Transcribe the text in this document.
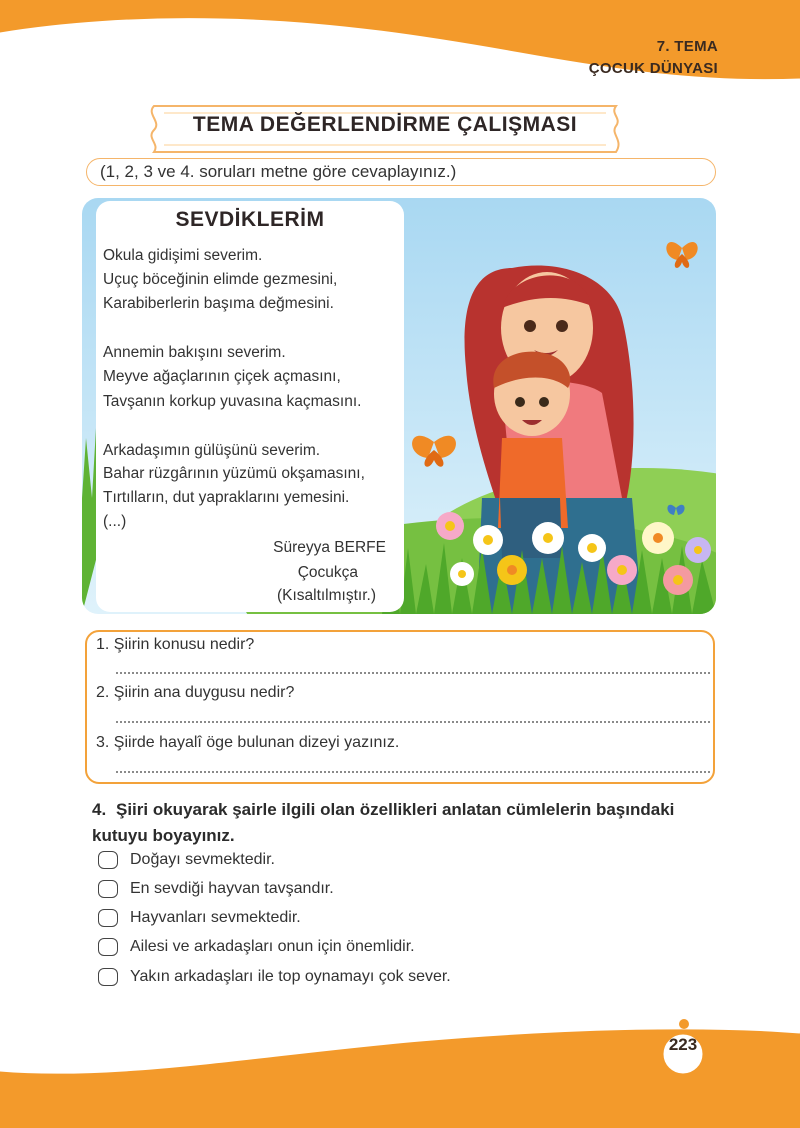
7. TEMA
ÇOCUK DÜNYASI
TEMA DEĞERLENDİRME ÇALIŞMASI
(1, 2, 3 ve 4. soruları metne göre cevaplayınız.)
SEVDİKLERİM
Okula gidişimi severim.
Uçuç böceğinin elimde gezmesini,
Karabiberlerin başıma değmesini.
Annemin bakışını severim.
Meyve ağaçlarının çiçek açmasını,
Tavşanın korkup yuvasına kaçmasını.
Arkadaşımın gülüşünü severim.
Bahar rüzgârının yüzümü okşamasını,
Tırtılların, dut yapraklarını yemesini.
(...)
Süreyya BERFE
Çocukça
(Kısaltılmıştır.)
1. Şiirin konusu nedir?
2. Şiirin ana duygusu nedir?
3. Şiirde hayalî öge bulunan dizeyi yazınız.
4. Şiiri okuyarak şairle ilgili olan özellikleri anlatan cümlelerin başındaki kutuyu boyayınız.
Doğayı sevmektedir.
En sevdiği hayvan tavşandır.
Hayvanları sevmektedir.
Ailesi ve arkadaşları onun için önemlidir.
Yakın arkadaşları ile top oynamayı çok sever.
223
